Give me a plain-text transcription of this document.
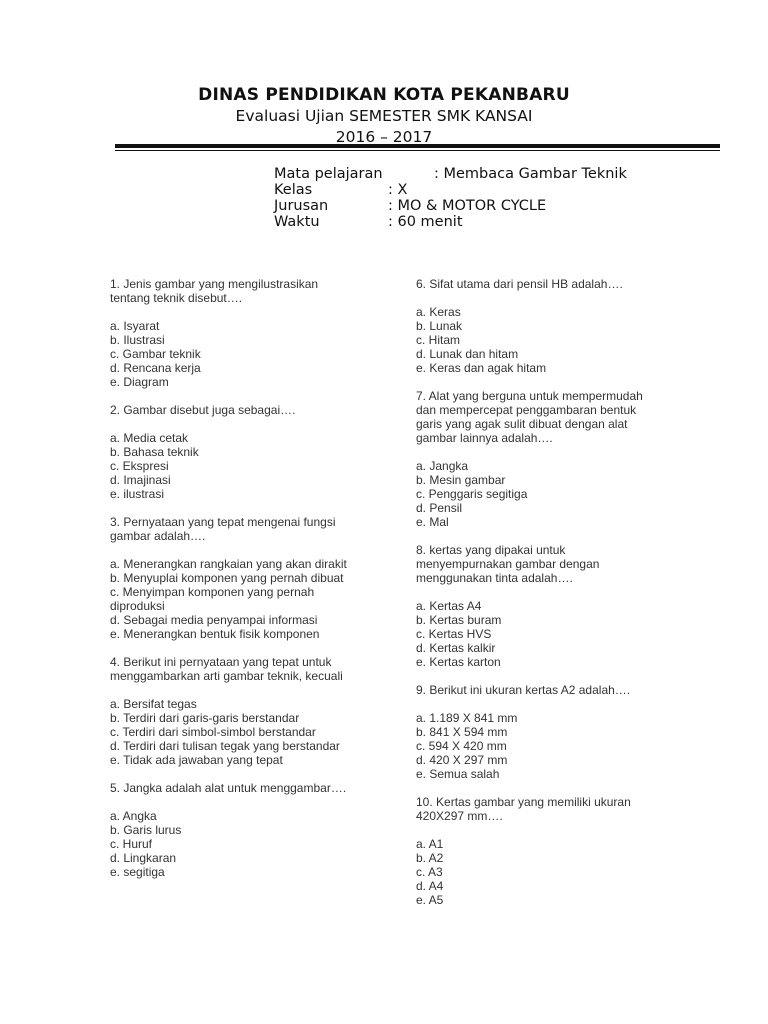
DINAS PENDIDIKAN KOTA PEKANBARU
Evaluasi Ujian SEMESTER SMK KANSAI
2016 – 2017
Mata pelajaran	: Membaca Gambar Teknik
Kelas	: X
Jurusan	: MO & MOTOR CYCLE
Waktu	: 60 menit
1. Jenis gambar yang mengilustrasikan
tentang teknik disebut….
a. Isyarat
b. Ilustrasi
c. Gambar teknik
d. Rencana kerja
e. Diagram
2. Gambar disebut juga sebagai….
a. Media cetak
b. Bahasa teknik
c. Ekspresi
d. Imajinasi
e. ilustrasi
3. Pernyataan yang tepat mengenai fungsi
gambar adalah….
a. Menerangkan rangkaian yang akan dirakit
b. Menyuplai komponen yang pernah dibuat
c. Menyimpan komponen yang pernah
diproduksi
d. Sebagai media penyampai informasi
e. Menerangkan bentuk fisik komponen
4. Berikut ini pernyataan yang tepat untuk
menggambarkan arti gambar teknik, kecuali
a. Bersifat tegas
b. Terdiri dari garis-garis berstandar
c. Terdiri dari simbol-simbol berstandar
d. Terdiri dari tulisan tegak yang berstandar
e. Tidak ada jawaban yang tepat
5. Jangka adalah alat untuk menggambar….
a. Angka
b. Garis lurus
c. Huruf
d. Lingkaran
e. segitiga
6. Sifat utama dari pensil HB adalah….
a. Keras
b. Lunak
c. Hitam
d. Lunak dan hitam
e. Keras dan agak hitam
7. Alat yang berguna untuk mempermudah
dan mempercepat penggambaran bentuk
garis yang agak sulit dibuat dengan alat
gambar lainnya adalah….
a. Jangka
b. Mesin gambar
c. Penggaris segitiga
d. Pensil
e. Mal
8. kertas yang dipakai untuk
menyempurnakan gambar dengan
menggunakan tinta adalah….
a. Kertas A4
b. Kertas buram
c. Kertas HVS
d. Kertas kalkir
e. Kertas karton
9. Berikut ini ukuran kertas A2 adalah….
a. 1.189 X 841 mm
b. 841 X 594 mm
c. 594 X 420 mm
d. 420 X 297 mm
e. Semua salah
10. Kertas gambar yang memiliki ukuran
420X297 mm….
a. A1
b. A2
c. A3
d. A4
e. A5
